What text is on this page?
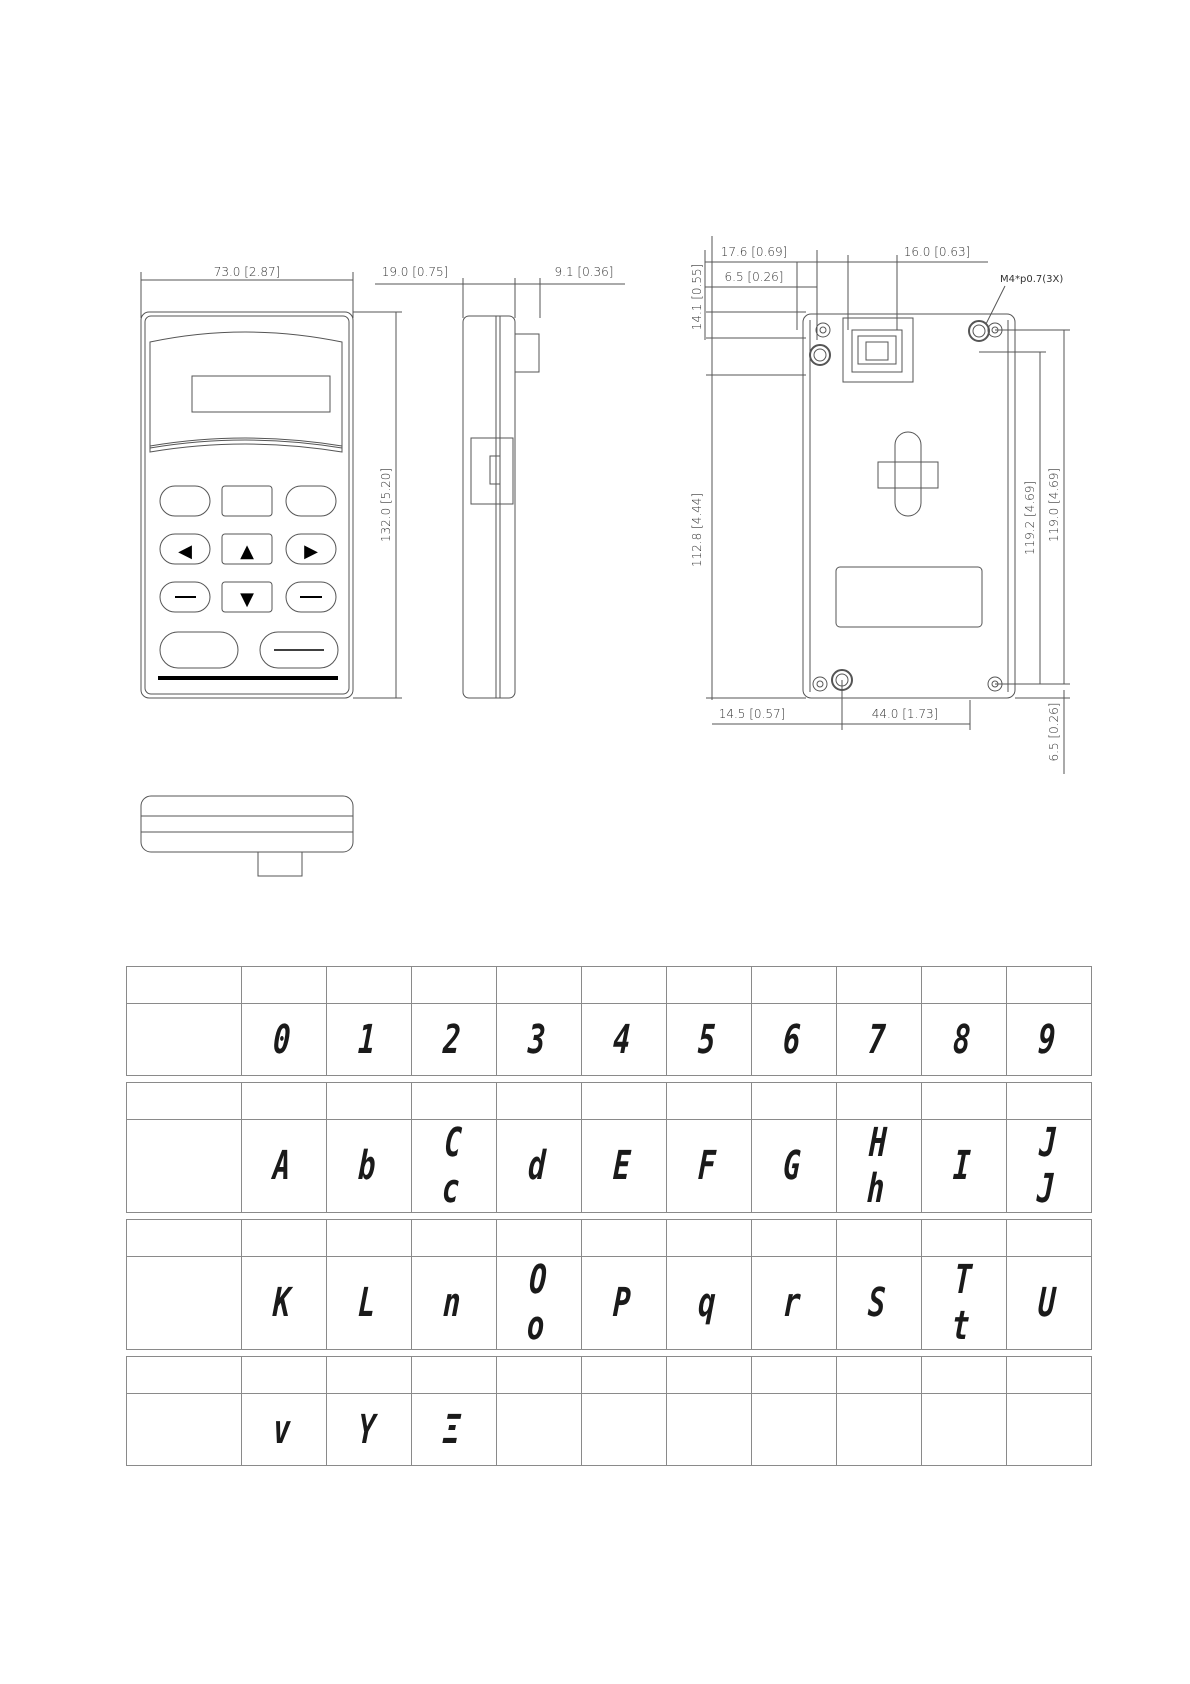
◀	▲	▶
▼
73.0 [2.87]	19.0 [0.75]	9.1 [0.36]
132.0 [5.20]
17.6 [0.69]
6.5 [0.26]
16.0 [0.63]
14.1 [0.55]	M4*p0.7(3X)
112.8 [4.44]	119.2 [4.69] 119.0 [4.69]
14.5 [0.57]	44.0 [1.73]	6.5 [0.26]

	0	1	2	3	4	5	6	7	8	9

	A	b	C c	d	E	F	G	H h	I	J J

	K	L	n	O o	P	q	r	S	T t	U

	v	Y	Ξ							
